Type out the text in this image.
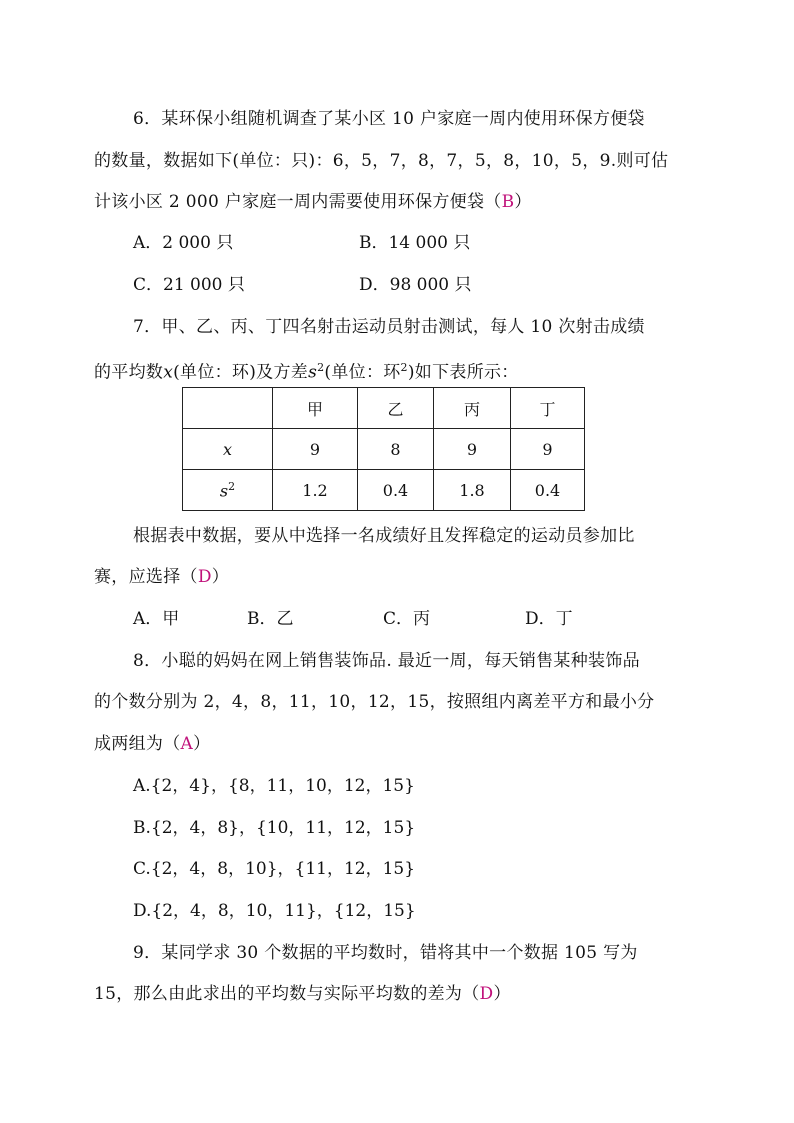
6．某环保小组随机调查了某小区 10 户家庭一周内使用环保方便袋
的数量，数据如下(单位：只)：6，5，7，8，7，5，8，10，5，9.则可估
计该小区 2 000 户家庭一周内需要使用环保方便袋（B）
A．2 000 只	B．14 000 只
C．21 000 只	D．98 000 只
7．甲、乙、丙、丁四名射击运动员射击测试，每人 10 次射击成绩
的平均数x(单位：环)及方差$s^2$(单位：环$^2$)如下表所示：
	甲	乙	丙	丁
x	9	8	9	9
$s^2$	1.2	0.4	1.8	0.4
根据表中数据，要从中选择一名成绩好且发挥稳定的运动员参加比
赛，应选择（D）
A．甲	B．乙	C．丙	D．丁
8．小聪的妈妈在网上销售装饰品. 最近一周，每天销售某种装饰品
的个数分别为 2，4，8，11，10，12，15，按照组内离差平方和最小分
成两组为（A）
A.{2，4}，{8，11，10，12，15}
B.{2，4，8}，{10，11，12，15}
C.{2，4，8，10}，{11，12，15}
D.{2，4，8，10，11}，{12，15}
9．某同学求 30 个数据的平均数时，错将其中一个数据 105 写为
15，那么由此求出的平均数与实际平均数的差为（D）
